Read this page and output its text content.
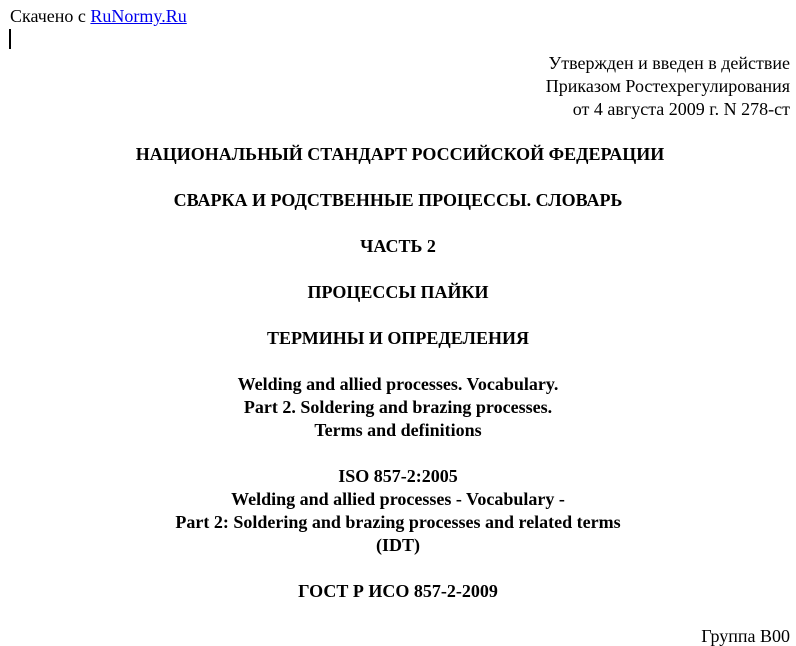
Скачено с RuNormy.Ru
Утвержден и введен в действие
Приказом Ростехрегулирования
от 4 августа 2009 г. N 278-ст
НАЦИОНАЛЬНЫЙ СТАНДАРТ РОССИЙСКОЙ ФЕДЕРАЦИИ
СВАРКА И РОДСТВЕННЫЕ ПРОЦЕССЫ. СЛОВАРЬ
ЧАСТЬ 2
ПРОЦЕССЫ ПАЙКИ
ТЕРМИНЫ И ОПРЕДЕЛЕНИЯ
Welding and allied processes. Vocabulary.
Part 2. Soldering and brazing processes.
Terms and definitions
ISO 857-2:2005
Welding and allied processes - Vocabulary -
Part 2: Soldering and brazing processes and related terms
(IDT)
ГОСТ Р ИСО 857-2-2009
Группа В00
